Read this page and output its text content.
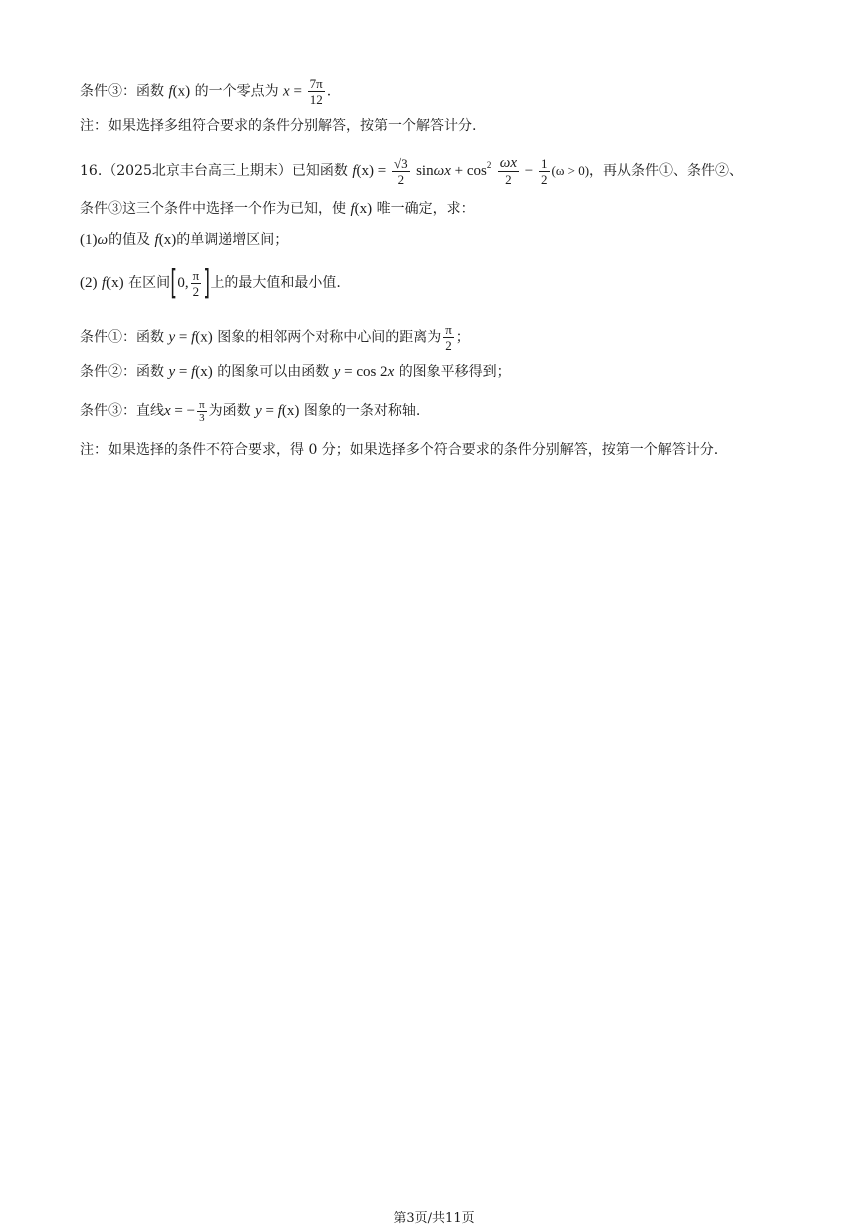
条件③：函数 f(x) 的一个零点为 $x = \frac{7\pi}{12}$ .
注：如果选择多组符合要求的条件分别解答，按第一个解答计分.
16.（2025北京丰台高三上期末）已知函数 $f(x) = \frac{√3}{2}$ $\sin\omega x + \cos^2 \frac{\omega x}{2} - \frac{1}{2} (\omega > 0)$，再从条件①、条件②、
条件③这三个条件中选择一个作为已知，使 f(x) 唯一确定，求：
(1)ω的值及 f(x)的单调递增区间；
(2) f(x) 在区间[0, $\frac{\pi}{2}$ ]上的最大值和最小值.
条件①：函数 y = f(x) 图象的相邻两个对称中心间的距离为 $\frac{\pi}{2}$ ；
条件②：函数 y = f(x) 的图象可以由函数 y = cos 2x 的图象平移得到；
条件③：直线x = − $\frac{\pi}{3}$ 为函数 y = f(x) 图象的一条对称轴.
注：如果选择的条件不符合要求，得 0 分；如果选择多个符合要求的条件分别解答，按第一个解答计分.
第3页/共11页
